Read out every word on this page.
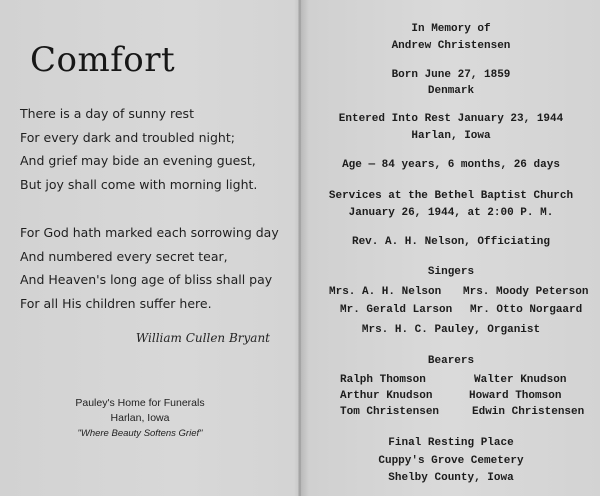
Comfort
There is a day of sunny rest
For every dark and troubled night;
And grief may bide an evening guest,
But joy shall come with morning light.
For God hath marked each sorrowing day
And numbered every secret tear,
And Heaven's long age of bliss shall pay
For all His children suffer here.
William Cullen Bryant
Pauley's Home for Funerals
Harlan, Iowa
"Where Beauty Softens Grief"
In Memory of
Andrew Christensen
Born June 27, 1859
Denmark
Entered Into Rest January 23, 1944
Harlan, Iowa
Age — 84 years, 6 months, 26 days
Services at the Bethel Baptist Church
January 26, 1944, at 2:00 P. M.
Rev. A. H. Nelson, Officiating
Singers
Mrs. A. H. Nelson Mrs. Moody Peterson
Mr. Gerald Larson Mr. Otto Norgaard
Mrs. H. C. Pauley, Organist
Bearers
Ralph Thomson	Walter Knudson
Arthur Knudson	Howard Thomson
Tom Christensen	Edwin Christensen
Final Resting Place
Cuppy's Grove Cemetery
Shelby County, Iowa
